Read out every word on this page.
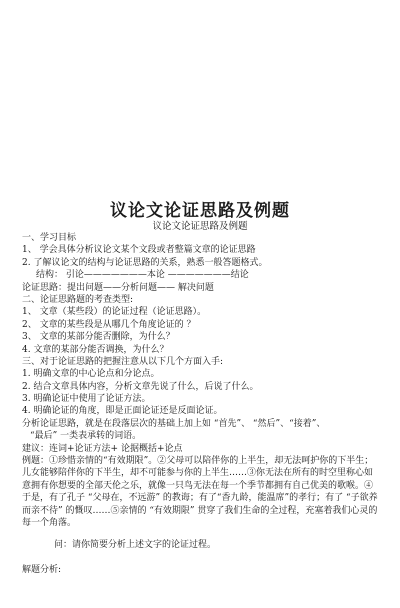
议论文论证思路及例题
议论文论证思路及例题
一、学习目标
1、 学会具体分析议论文某个文段或者整篇文章的论证思路
2. 了解议论文的结构与论证思路的关系，熟悉一般答题格式。
结构： 引论———————本论 ———————结论
论证思路：提出问题——分析问题—— 解决问题
二、论证思路题的考查类型:
1、 文章（某些段）的论证过程（论证思路）。
2、 文章的某些段是从哪几个角度论证的 ？
3、 文章的某部分能否删除，为什么？
4. 文章的某部分能否调换，为什么？
三、对于论证思路的把握注意从以下几个方面入手:
1. 明确文章的中心论点和分论点。
2. 结合文章具体内容，分析文章先说了什么，后说了什么。
3. 明确论证中使用了论证方法。
4. 明确论证的角度，即是正面论证还是反面论证。
分析论证思路，就是在段落层次的基础上加上如 “首先”、 “然后”、“接着”、
“最后” 一类表承转的词语。
建议：连词+论证方法+ 论据概括+论点
例题：①珍惜亲情的“有效期限”。②父母可以陪伴你的上半生，却无法呵护你的下半生；儿女能够陪伴你的下半生，却不可能参与你的上半生……③你无法在所有的时空里称心如意拥有你想要的全部天伦之乐，就像一只鸟无法在每一个季节都拥有自己优美的歌喉。④于是，有了孔子 “父母在，不远游” 的教诲；有了“香九龄，能温席”的孝行；有了 “子欲养而亲不待” 的慨叹……⑤亲情的 “有效期限” 贯穿了我们生命的全过程，充塞着我们心灵的每一个角落。
问：请你简要分析上述文字的论证过程。
解题分析:
